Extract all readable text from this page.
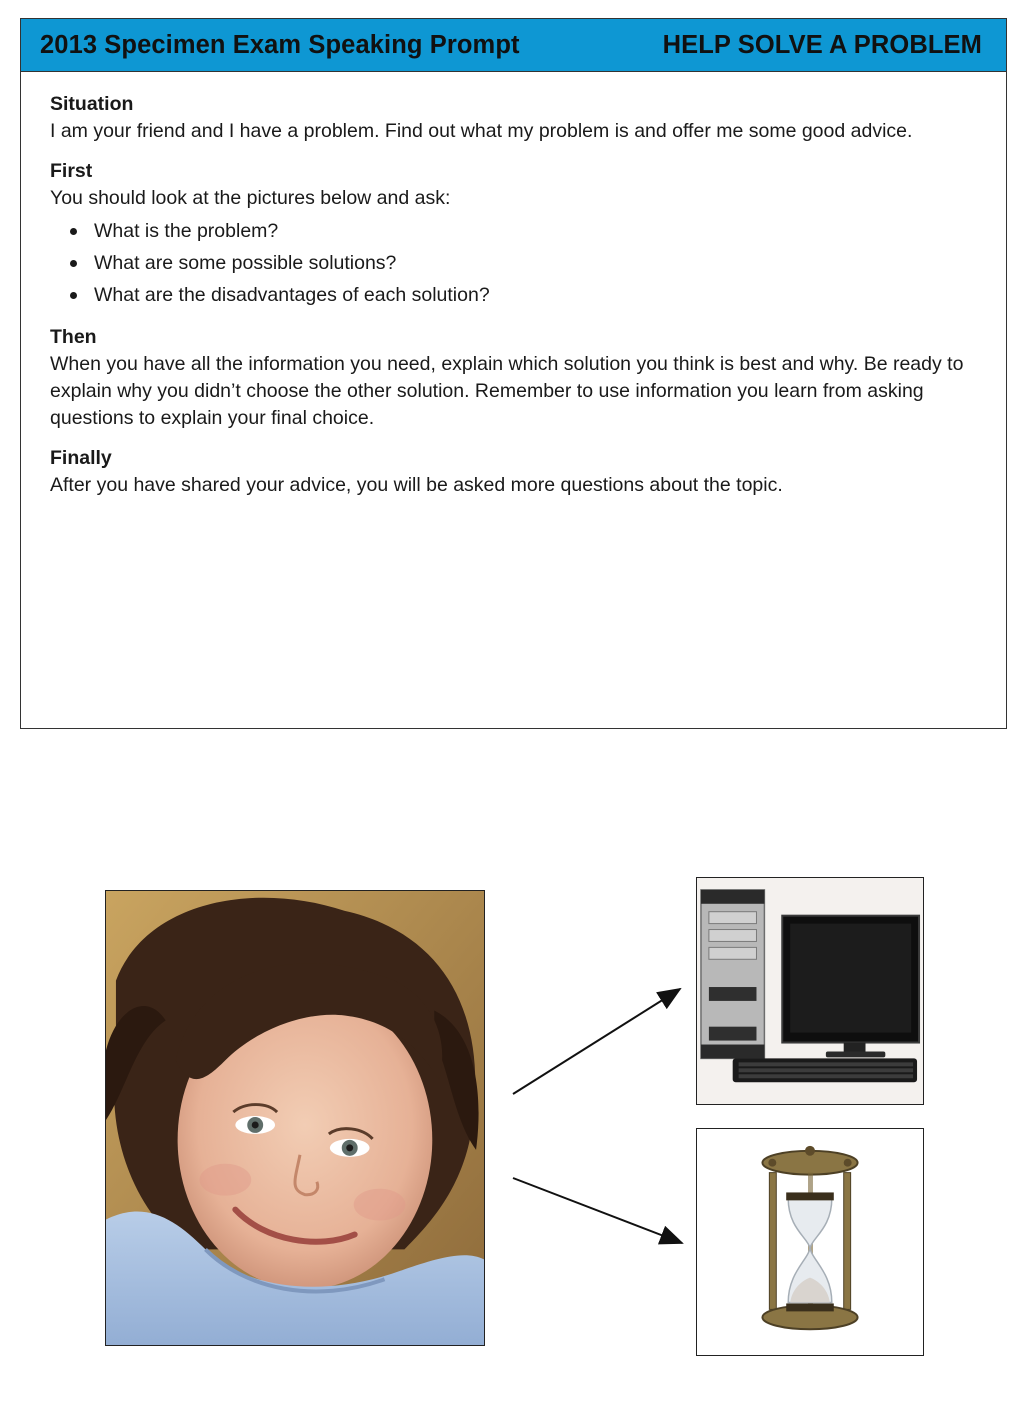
2013 Specimen Exam Speaking Prompt	HELP SOLVE A PROBLEM
Situation

I am your friend and I have a problem. Find out what my problem is and offer me some good advice.

First

You should look at the pictures below and ask:

What is the problem?
What are some possible solutions?
What are the disadvantages of each solution?
Then

When you have all the information you need, explain which solution you think is best and why. Be ready to explain why you didn’t choose the other solution. Remember to use information you learn from asking questions to explain your final choice.

Finally

After you have shared your advice, you will be asked more questions about the topic.
